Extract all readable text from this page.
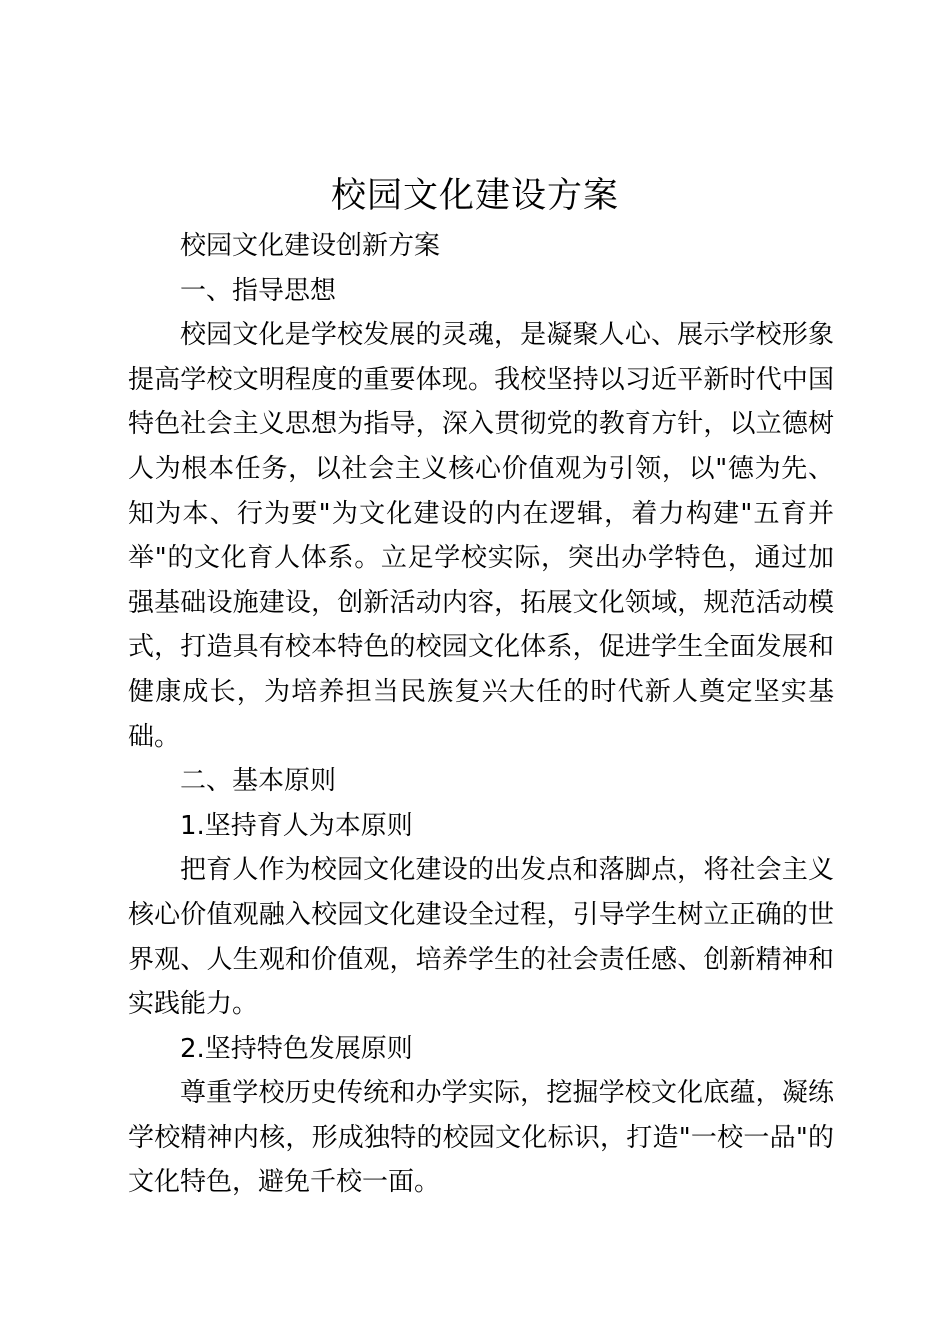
校园文化建设方案

校园文化建设创新方案

一、指导思想

校园文化是学校发展的灵魂，是凝聚人心、展示学校形象提高学校文明程度的重要体现。我校坚持以习近平新时代中国特色社会主义思想为指导，深入贯彻党的教育方针，以立德树人为根本任务，以社会主义核心价值观为引领，以"德为先、知为本、行为要"为文化建设的内在逻辑，着力构建"五育并举"的文化育人体系。立足学校实际，突出办学特色，通过加强基础设施建设，创新活动内容，拓展文化领域，规范活动模式，打造具有校本特色的校园文化体系，促进学生全面发展和健康成长，为培养担当民族复兴大任的时代新人奠定坚实基础。

二、基本原则

1.坚持育人为本原则

把育人作为校园文化建设的出发点和落脚点，将社会主义核心价值观融入校园文化建设全过程，引导学生树立正确的世界观、人生观和价值观，培养学生的社会责任感、创新精神和实践能力。

2.坚持特色发展原则

尊重学校历史传统和办学实际，挖掘学校文化底蕴，凝练学校精神内核，形成独特的校园文化标识，打造"一校一品"的文化特色，避免千校一面。
